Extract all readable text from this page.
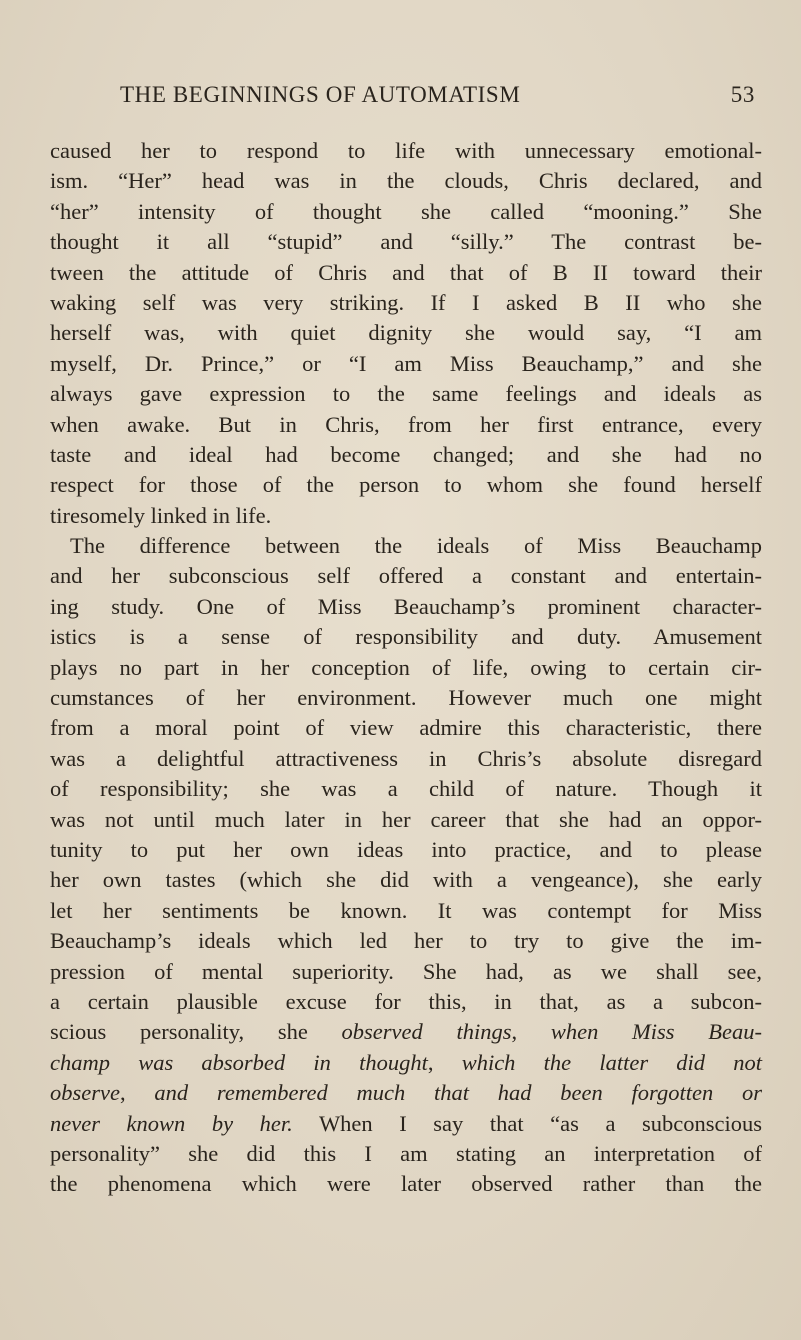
THE BEGINNINGS OF AUTOMATISM	53
caused her to respond to life with unnecessary emotional-
ism. “Her” head was in the clouds, Chris declared, and
“her” intensity of thought she called “mooning.” She
thought it all “stupid” and “silly.” The contrast be-
tween the attitude of Chris and that of B II toward their
waking self was very striking. If I asked B II who she
herself was, with quiet dignity she would say, “I am
myself, Dr. Prince,” or “I am Miss Beauchamp,” and she
always gave expression to the same feelings and ideals as
when awake. But in Chris, from her first entrance, every
taste and ideal had become changed; and she had no
respect for those of the person to whom she found herself
tiresomely linked in life.
The difference between the ideals of Miss Beauchamp
and her subconscious self offered a constant and entertain-
ing study. One of Miss Beauchamp’s prominent character-
istics is a sense of responsibility and duty. Amusement
plays no part in her conception of life, owing to certain cir-
cumstances of her environment. However much one might
from a moral point of view admire this characteristic, there
was a delightful attractiveness in Chris’s absolute disregard
of responsibility; she was a child of nature. Though it
was not until much later in her career that she had an oppor-
tunity to put her own ideas into practice, and to please
her own tastes (which she did with a vengeance), she early
let her sentiments be known. It was contempt for Miss
Beauchamp’s ideals which led her to try to give the im-
pression of mental superiority. She had, as we shall see,
a certain plausible excuse for this, in that, as a subcon-
scious personality, she observed things, when Miss Beau-
champ was absorbed in thought, which the latter did not
observe, and remembered much that had been forgotten or
never known by her. When I say that “as a subconscious
personality” she did this I am stating an interpretation of
the phenomena which were later observed rather than the
